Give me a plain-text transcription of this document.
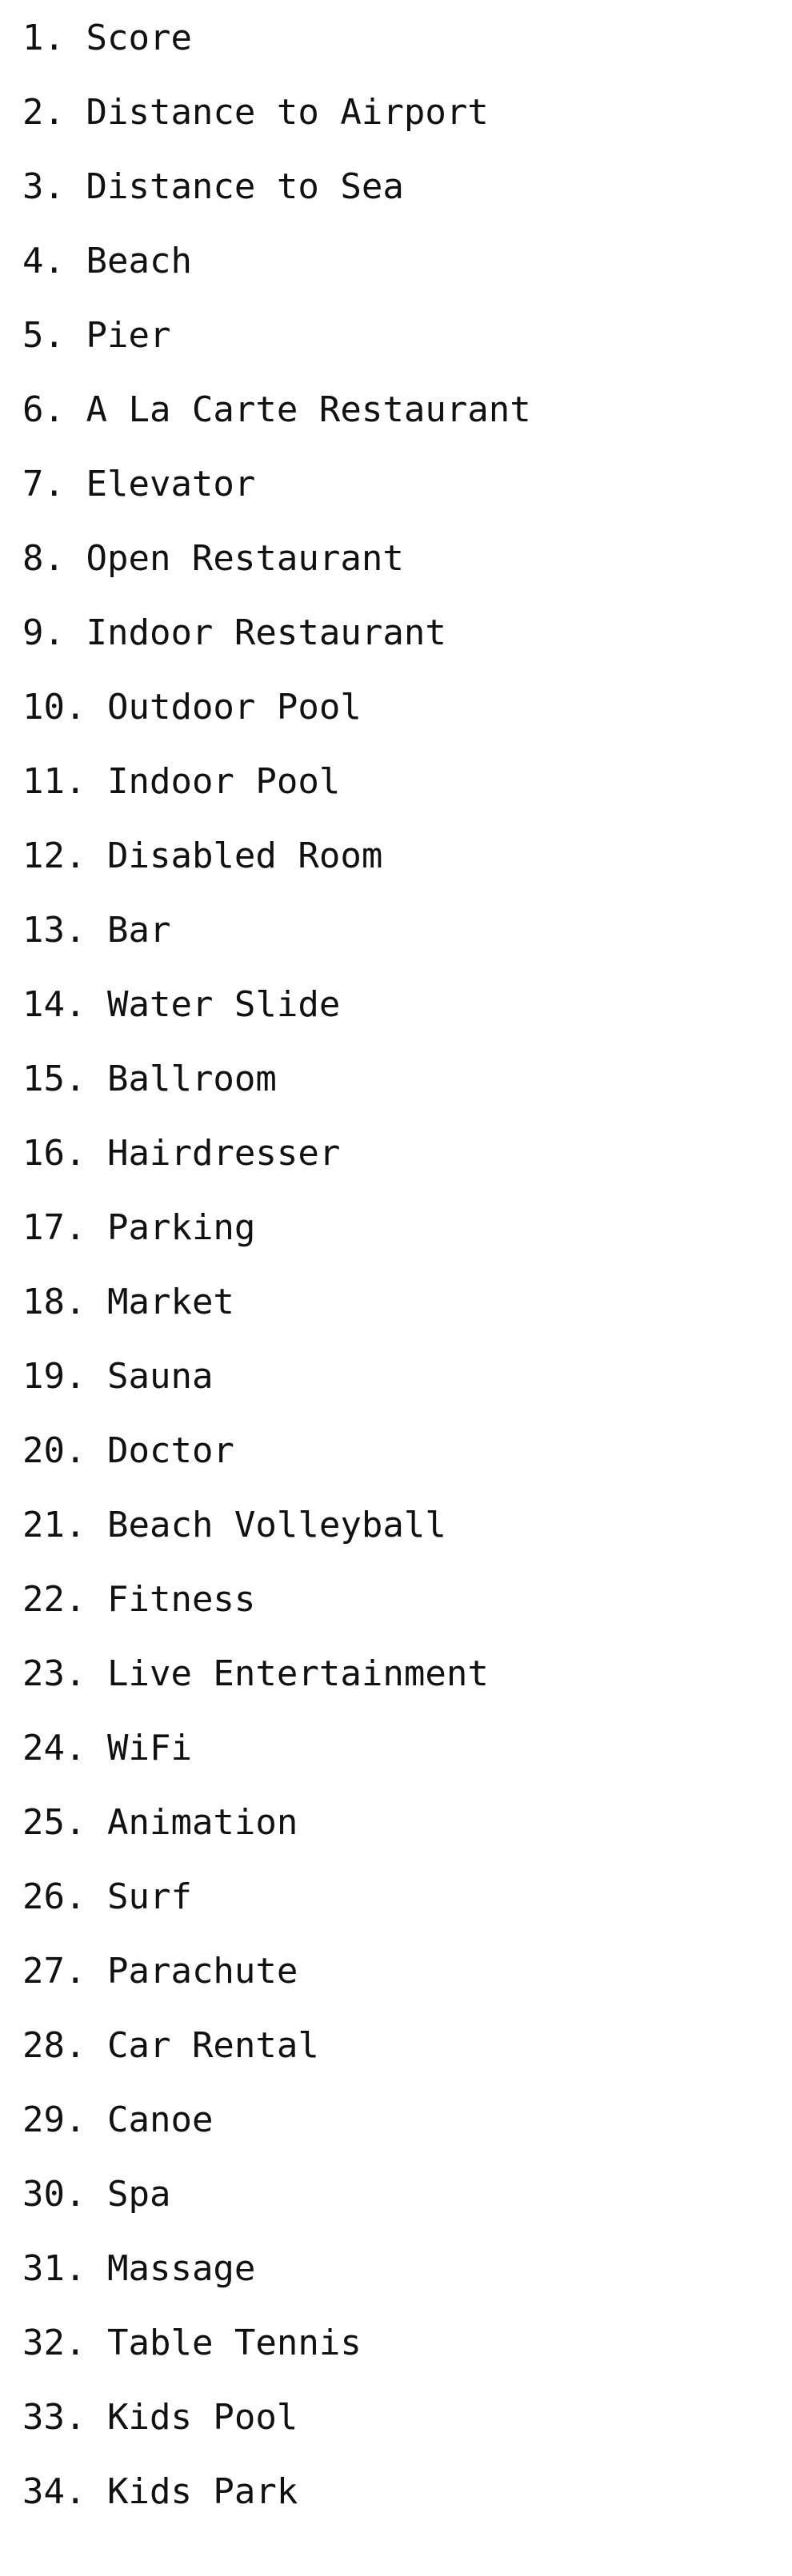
1. Score
2. Distance to Airport
3. Distance to Sea
4. Beach
5. Pier
6. A La Carte Restaurant
7. Elevator
8. Open Restaurant
9. Indoor Restaurant
10. Outdoor Pool
11. Indoor Pool
12. Disabled Room
13. Bar
14. Water Slide
15. Ballroom
16. Hairdresser
17. Parking
18. Market
19. Sauna
20. Doctor
21. Beach Volleyball
22. Fitness
23. Live Entertainment
24. WiFi
25. Animation
26. Surf
27. Parachute
28. Car Rental
29. Canoe
30. Spa
31. Massage
32. Table Tennis
33. Kids Pool
34. Kids Park
